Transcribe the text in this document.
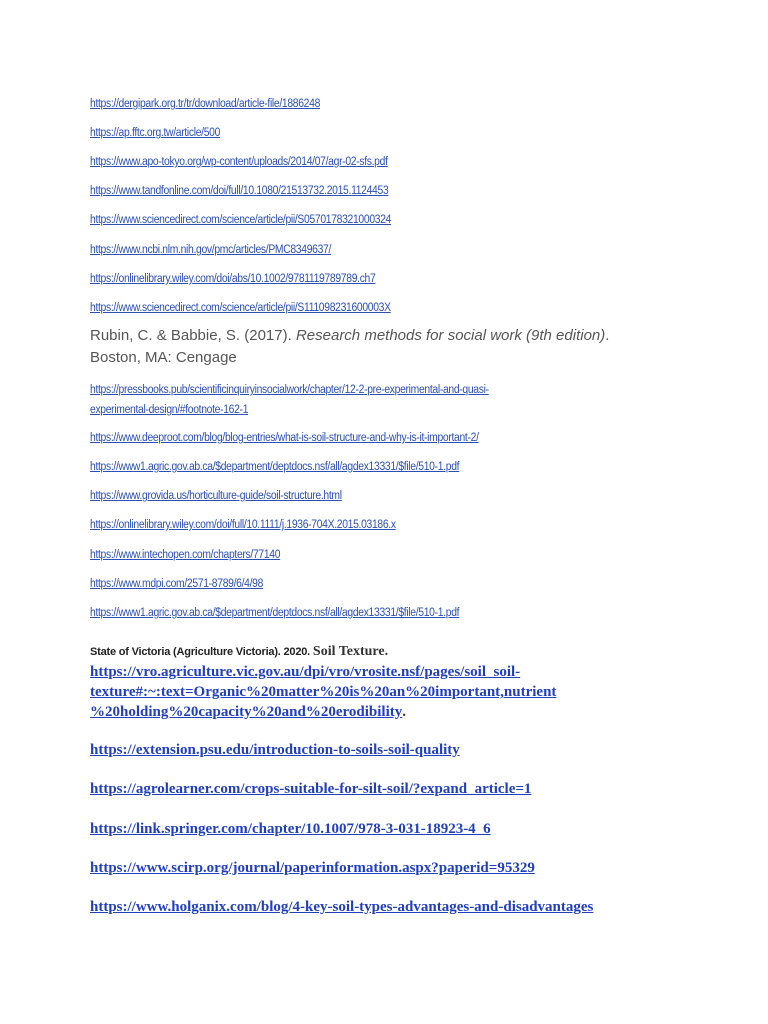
https://dergipark.org.tr/tr/download/article-file/1886248
https://ap.fftc.org.tw/article/500
https://www.apo-tokyo.org/wp-content/uploads/2014/07/agr-02-sfs.pdf
https://www.tandfonline.com/doi/full/10.1080/21513732.2015.1124453
https://www.sciencedirect.com/science/article/pii/S0570178321000324
https://www.ncbi.nlm.nih.gov/pmc/articles/PMC8349637/
https://onlinelibrary.wiley.com/doi/abs/10.1002/9781119789789.ch7
https://www.sciencedirect.com/science/article/pii/S111098231600003X
Rubin, C. & Babbie, S. (2017). Research methods for social work (9th edition).
Boston, MA: Cengage
https://pressbooks.pub/scientificinquiryinsocialwork/chapter/12-2-pre-experimental-and-quasi-
experimental-design/#footnote-162-1
https://www.deeproot.com/blog/blog-entries/what-is-soil-structure-and-why-is-it-important-2/
https://www1.agric.gov.ab.ca/$department/deptdocs.nsf/all/agdex13331/$file/510-1.pdf
https://www.grovida.us/horticulture-guide/soil-structure.html
https://onlinelibrary.wiley.com/doi/full/10.1111/j.1936-704X.2015.03186.x
https://www.intechopen.com/chapters/77140
https://www.mdpi.com/2571-8789/6/4/98
https://www1.agric.gov.ab.ca/$department/deptdocs.nsf/all/agdex13331/$file/510-1.pdf
State of Victoria (Agriculture Victoria). 2020. Soil Texture.
https://vro.agriculture.vic.gov.au/dpi/vro/vrosite.nsf/pages/soil_soil-
texture#:~:text=Organic%20matter%20is%20an%20important,nutrient
%20holding%20capacity%20and%20erodibility.
https://extension.psu.edu/introduction-to-soils-soil-quality
https://agrolearner.com/crops-suitable-for-silt-soil/?expand_article=1
https://link.springer.com/chapter/10.1007/978-3-031-18923-4_6
https://www.scirp.org/journal/paperinformation.aspx?paperid=95329
https://www.holganix.com/blog/4-key-soil-types-advantages-and-disadvantages
